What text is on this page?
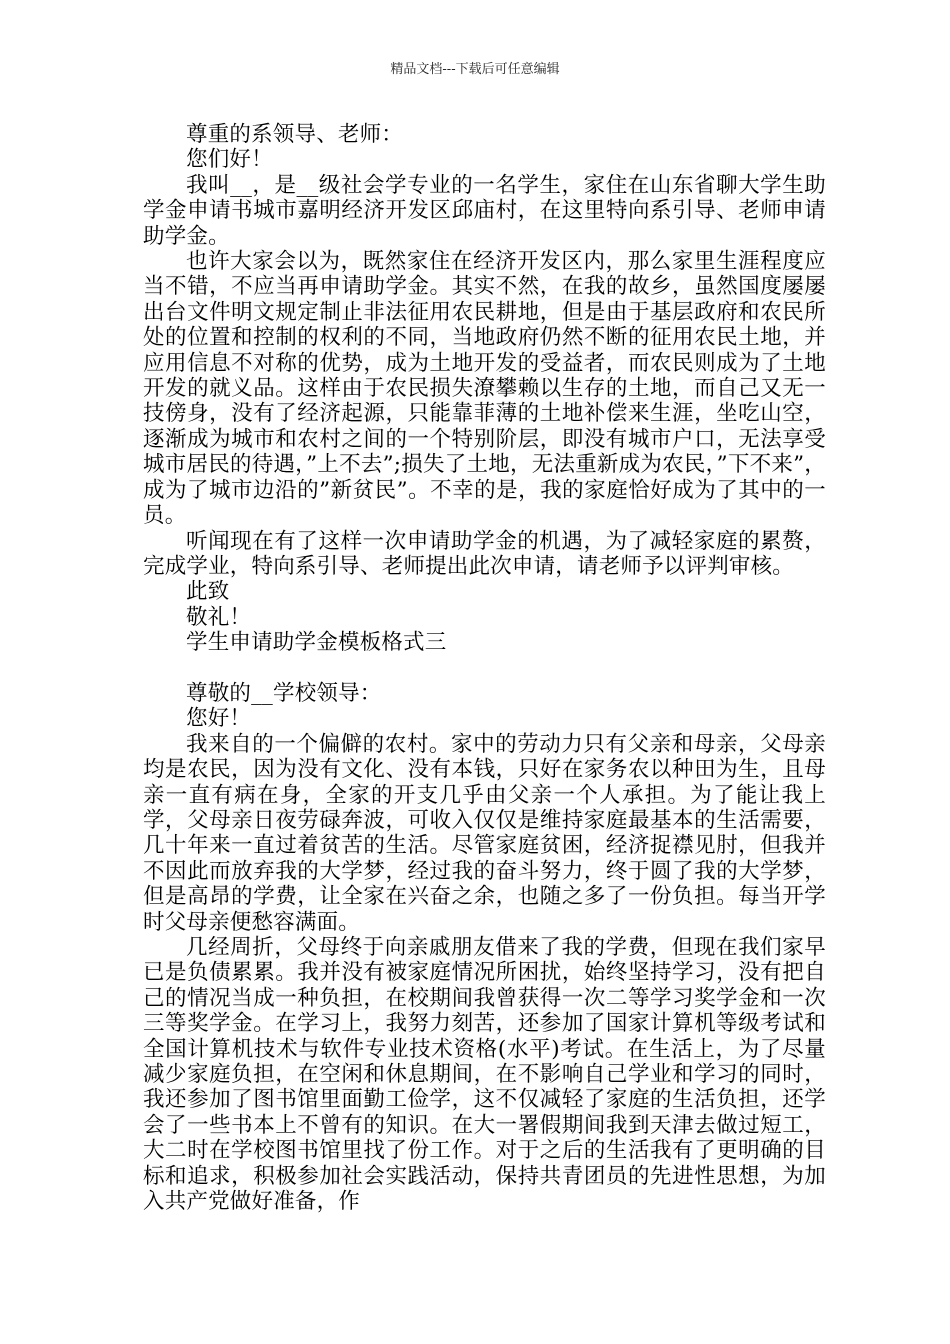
精品文档---下载后可任意编辑

尊重的系领导、老师：

您们好！

我叫__，是__级社会学专业的一名学生，家住在山东省聊大学生助学金申请书城市嘉明经济开发区邱庙村，在这里特向系引导、老师申请助学金。

也许大家会以为，既然家住在经济开发区内，那么家里生涯程度应当不错，不应当再申请助学金。其实不然，在我的故乡，虽然国度屡屡出台文件明文规定制止非法征用农民耕地，但是由于基层政府和农民所处的位置和控制的权利的不同，当地政府仍然不断的征用农民土地，并应用信息不对称的优势，成为土地开发的受益者，而农民则成为了土地开发的就义品。这样由于农民损失潦攀赖以生存的土地，而自己又无一技傍身，没有了经济起源，只能靠菲薄的土地补偿来生涯，坐吃山空，逐渐成为城市和农村之间的一个特别阶层，即没有城市户口，无法享受城市居民的待遇，”上不去”;损失了土地，无法重新成为农民，”下不来”，成为了城市边沿的”新贫民”。不幸的是，我的家庭恰好成为了其中的一员。

听闻现在有了这样一次申请助学金的机遇，为了减轻家庭的累赘，完成学业，特向系引导、老师提出此次申请，请老师予以评判审核。

此致

敬礼！

学生申请助学金模板格式三

尊敬的__学校领导：

您好！

我来自的一个偏僻的农村。家中的劳动力只有父亲和母亲，父母亲均是农民，因为没有文化、没有本钱，只好在家务农以种田为生，且母亲一直有病在身，全家的开支几乎由父亲一个人承担。为了能让我上学，父母亲日夜劳碌奔波，可收入仅仅是维持家庭最基本的生活需要，几十年来一直过着贫苦的生活。尽管家庭贫困，经济捉襟见肘，但我并不因此而放弃我的大学梦，经过我的奋斗努力，终于圆了我的大学梦，但是高昂的学费，让全家在兴奋之余，也随之多了一份负担。每当开学时父母亲便愁容满面。

几经周折，父母终于向亲戚朋友借来了我的学费，但现在我们家早已是负债累累。我并没有被家庭情况所困扰，始终坚持学习，没有把自己的情况当成一种负担，在校期间我曾获得一次二等学习奖学金和一次三等奖学金。在学习上，我努力刻苦，还参加了国家计算机等级考试和全国计算机技术与软件专业技术资格(水平)考试。在生活上，为了尽量减少家庭负担，在空闲和休息期间，在不影响自己学业和学习的同时，我还参加了图书馆里面勤工俭学，这不仅减轻了家庭的生活负担，还学会了一些书本上不曾有的知识。在大一署假期间我到天津去做过短工，大二时在学校图书馆里找了份工作。对于之后的生活我有了更明确的目标和追求，积极参加社会实践活动，保持共青团员的先进性思想，为加入共产党做好准备，作
